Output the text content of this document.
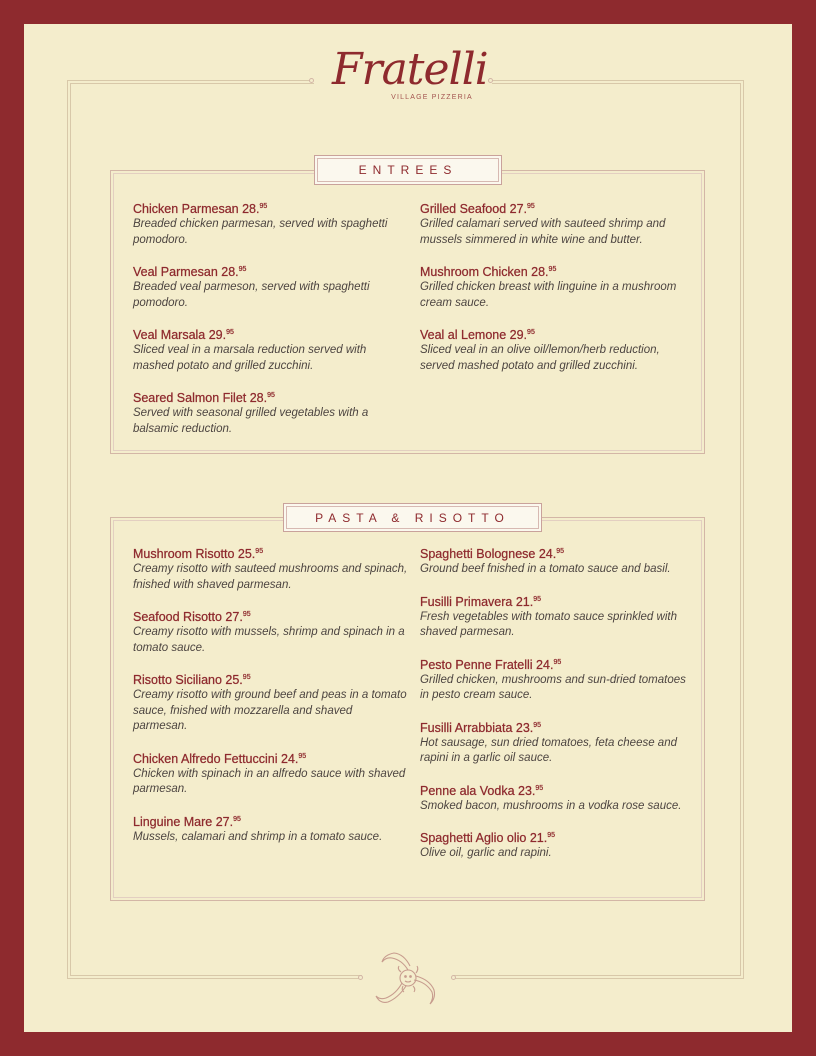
Fratelli
VILLAGE PIZZERIA
ENTREES
Chicken Parmesan 28.95
Breaded chicken parmesan, served with spaghetti pomodoro.
Veal Parmesan 28.95
Breaded veal parmeson, served with spaghetti pomodoro.
Veal Marsala 29.95
Sliced veal in a marsala reduction served with mashed potato and grilled zucchini.
Seared Salmon Filet 28.95
Served with seasonal grilled vegetables with a balsamic reduction.
Grilled Seafood 27.95
Grilled calamari served with sauteed shrimp and mussels simmered in white wine and butter.
Mushroom Chicken 28.95
Grilled chicken breast with linguine in a mushroom cream sauce.
Veal al Lemone 29.95
Sliced veal in an olive oil/lemon/herb reduction, served mashed potato and grilled zucchini.
PASTA & RISOTTO
Mushroom Risotto 25.95
Creamy risotto with sauteed mushrooms and spinach, fnished with shaved parmesan.
Seafood Risotto 27.95
Creamy risotto with mussels, shrimp and spinach in a tomato sauce.
Risotto Siciliano 25.95
Creamy risotto with ground beef and peas in a tomato sauce, fnished with mozzarella and shaved parmesan.
Chicken Alfredo Fettuccini 24.95
Chicken with spinach in an alfredo sauce with shaved parmesan.
Linguine Mare 27.95
Mussels, calamari and shrimp in a tomato sauce.
Spaghetti Bolognese 24.95
Ground beef fnished in a tomato sauce and basil.
Fusilli Primavera 21.95
Fresh vegetables with tomato sauce sprinkled with shaved parmesan.
Pesto Penne Fratelli 24.95
Grilled chicken, mushrooms and sun-dried tomatoes in pesto cream sauce.
Fusilli Arrabbiata 23.95
Hot sausage, sun dried tomatoes, feta cheese and rapini in a garlic oil sauce.
Penne ala Vodka 23.95
Smoked bacon, mushrooms in a vodka rose sauce.
Spaghetti Aglio olio 21.95
Olive oil, garlic and rapini.
